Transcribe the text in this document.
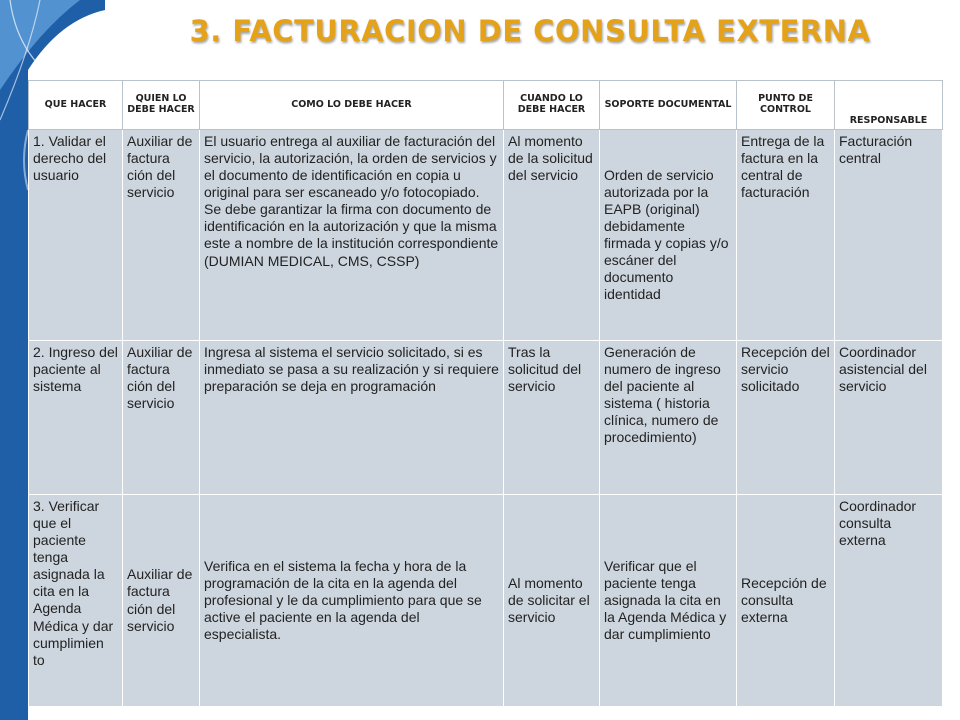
3. FACTURACION DE CONSULTA EXTERNA
QUE HACER	QUIEN LO DEBE HACER	COMO LO DEBE HACER	CUANDO LO DEBE HACER	SOPORTE DOCUMENTAL	PUNTO DE CONTROL	RESPONSABLE
1. Validar el derecho del usuario	Auxiliar de factura ción del servicio	El usuario entrega al auxiliar de facturación del servicio, la autorización, la orden de servicios y el documento de identificación en copia u original para ser escaneado y/o fotocopiado. Se debe garantizar la firma con documento de identificación en la autorización y que la misma este a nombre de la institución correspondiente (DUMIAN MEDICAL, CMS, CSSP)	Al momento de la solicitud del servicio	Orden de servicio autorizada por la EAPB (original) debidamente firmada y copias y/o escáner del documento identidad	Entrega de la factura en la central de facturación	Facturación central
2. Ingreso del paciente al sistema	Auxiliar de factura ción del servicio	Ingresa al sistema el servicio solicitado, si es inmediato se pasa a su realización y si requiere preparación se deja en programación	Tras la solicitud del servicio	Generación de numero de ingreso del paciente al sistema ( historia clínica, numero de procedimiento)	Recepción del servicio solicitado	Coordinador asistencial del servicio
3. Verificar que el paciente tenga asignada la cita en la Agenda Médica y dar cumplimien to	Auxiliar de factura ción del servicio	Verifica en el sistema la fecha y hora de la programación de la cita en la agenda del profesional y le da cumplimiento para que se active el paciente en la agenda del especialista.	Al momento de solicitar el servicio	Verificar que el paciente tenga asignada la cita en la Agenda Médica y dar cumplimiento	Recepción de consulta externa	Coordinador consulta externa
